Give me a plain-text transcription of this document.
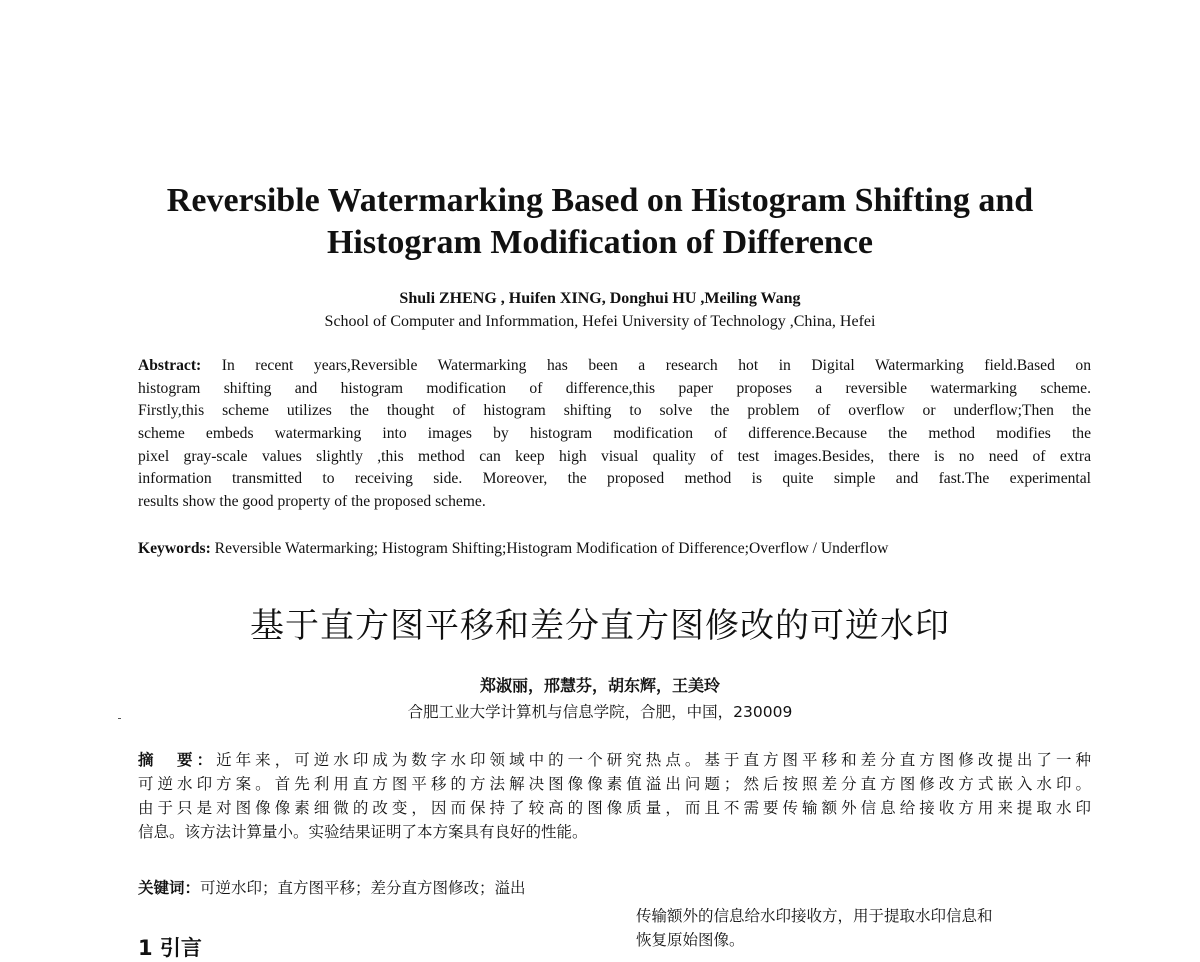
Reversible Watermarking Based on Histogram Shifting and
Histogram Modification of Difference
Shuli ZHENG , Huifen XING, Donghui HU ,Meiling Wang
School of Computer and Informmation, Hefei University of Technology ,China, Hefei
Abstract: In recent years,Reversible Watermarking has been a research hot in Digital Watermarking field.Based on
histogram shifting and histogram modification of difference,this paper proposes a reversible watermarking scheme.
Firstly,this scheme utilizes the thought of histogram shifting to solve the problem of overflow or underflow;Then the
scheme embeds watermarking into images by histogram modification of difference.Because the method modifies the
pixel gray-scale values slightly ,this method can keep high visual quality of test images.Besides, there is no need of extra
information transmitted to receiving side. Moreover, the proposed method is quite simple and fast.The experimental
results show the good property of the proposed scheme.
Keywords: Reversible Watermarking; Histogram Shifting;Histogram Modification of Difference;Overflow / Underflow
基于直方图平移和差分直方图修改的可逆水印
郑淑丽，邢慧芬，胡东辉，王美玲
合肥工业大学计算机与信息学院，合肥，中国，230009
摘　要：近年来，可逆水印成为数字水印领域中的一个研究热点。基于直方图平移和差分直方图修改提出了一种
可逆水印方案。首先利用直方图平移的方法解决图像像素值溢出问题；然后按照差分直方图修改方式嵌入水印。
由于只是对图像像素细微的改变，因而保持了较高的图像质量，而且不需要传输额外信息给接收方用来提取水印
信息。该方法计算量小。实验结果证明了本方案具有良好的性能。
关键词：可逆水印；直方图平移；差分直方图修改；溢出
传输额外的信息给水印接收方，用于提取水印信息和
恢复原始图像。
1 引言
